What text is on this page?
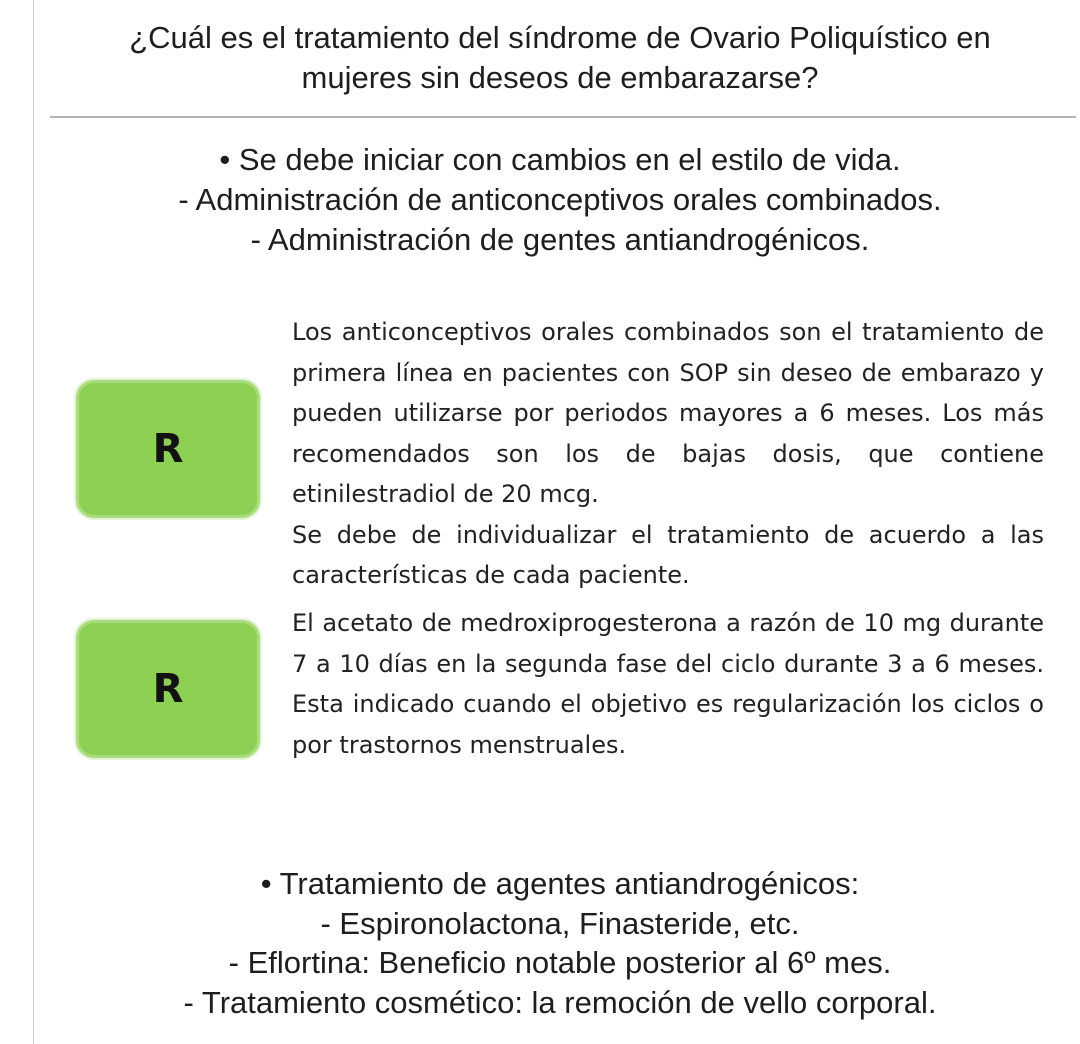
¿Cuál es el tratamiento del síndrome de Ovario Poliquístico en
mujeres sin deseos de embarazarse?
• Se debe iniciar con cambios en el estilo de vida.
- Administración de anticonceptivos orales combinados.
- Administración de gentes antiandrogénicos.
R
Los anticonceptivos orales combinados son el tratamiento de primera línea en pacientes con SOP sin deseo de embarazo y pueden utilizarse por periodos mayores a 6 meses. Los más recomendados son los de bajas dosis, que contiene etinilestradiol de 20 mcg.
Se debe de individualizar el tratamiento de acuerdo a las características de cada paciente.
R
El acetato de medroxiprogesterona a razón de 10 mg durante 7 a 10 días en la segunda fase del ciclo durante 3 a 6 meses. Esta indicado cuando el objetivo es regularización los ciclos o por trastornos menstruales.
• Tratamiento de agentes antiandrogénicos:
- Espironolactona, Finasteride, etc.
- Eflortina: Beneficio notable posterior al 6º mes.
- Tratamiento cosmético: la remoción de vello corporal.
